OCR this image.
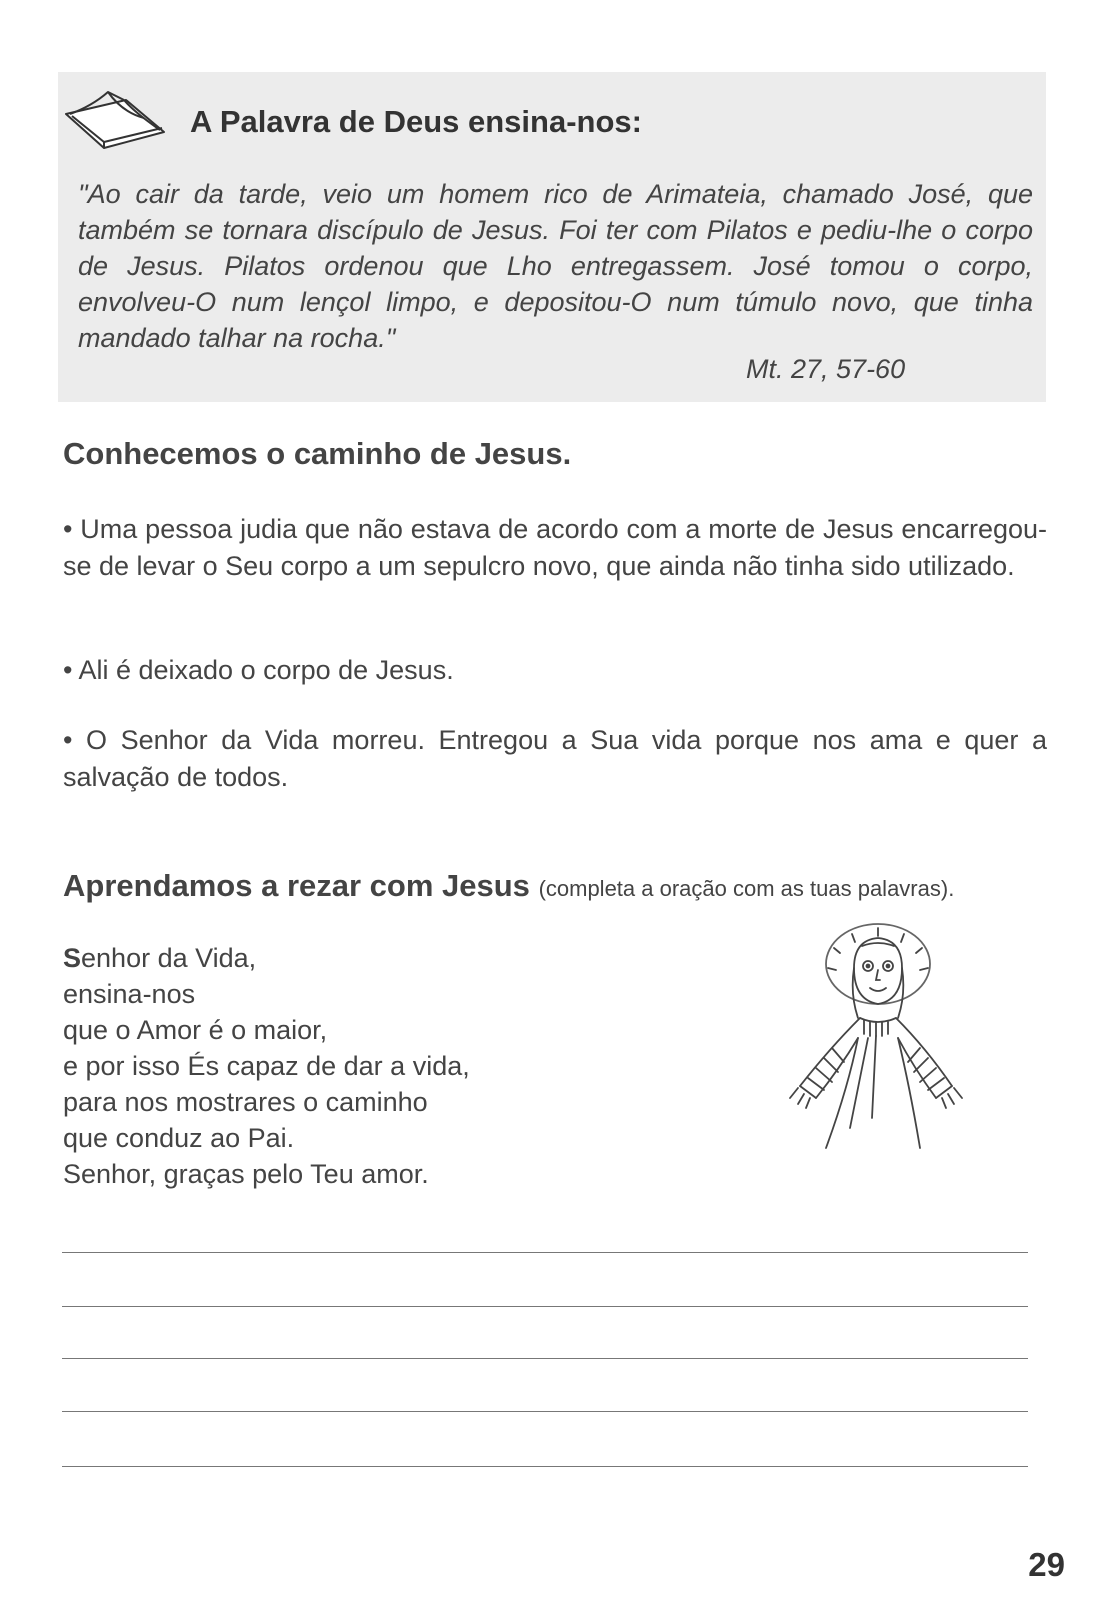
A Palavra de Deus ensina-nos:

"Ao cair da tarde, veio um homem rico de Arimateia, chamado José, que também se tornara discípulo de Jesus. Foi ter com Pilatos e pediu-lhe o corpo de Jesus. Pilatos ordenou que Lho entregassem. José tomou o corpo, envolveu-O num lençol limpo, e depositou-O num túmulo novo, que tinha mandado talhar na rocha."

Mt. 27, 57-60
Conhecemos o caminho de Jesus.

• Uma pessoa judia que não estava de acordo com a morte de Jesus encarregou-se de levar o Seu corpo a um sepulcro novo, que ainda não tinha sido utilizado.

• Ali é deixado o corpo de Jesus.

• O Senhor da Vida morreu. Entregou a Sua vida porque nos ama e quer a salvação de todos.

Aprendamos a rezar com Jesus (completa a oração com as tuas palavras).
Senhor da Vida,
ensina-nos
que o Amor é o maior,
e por isso És capaz de dar a vida,
para nos mostrares o caminho
que conduz ao Pai.
Senhor, graças pelo Teu amor.
29
